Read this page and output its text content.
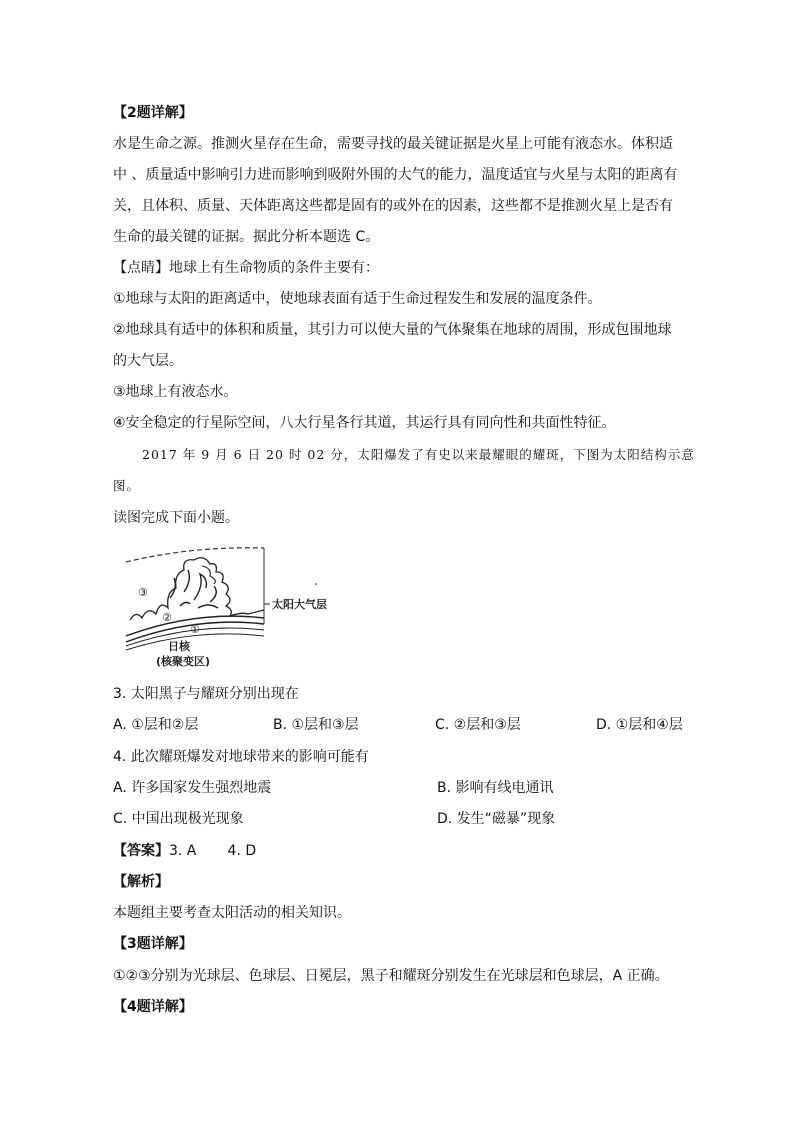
【2题详解】
水是生命之源。推测火星存在生命，需要寻找的最关键证据是火星上可能有液态水。体积适
中 、质量适中影响引力进而影响到吸附外围的大气的能力，温度适宜与火星与太阳的距离有
关，且体积、质量、天体距离这些都是固有的或外在的因素，这些都不是推测火星上是否有
生命的最关键的证据。据此分析本题选 C。
【点睛】地球上有生命物质的条件主要有：
①地球与太阳的距离适中，使地球表面有适于生命过程发生和发展的温度条件。
②地球具有适中的体积和质量，其引力可以使大量的气体聚集在地球的周围，形成包围地球
的大气层。
③地球上有液态水。
④安全稳定的行星际空间，八大行星各行其道，其运行具有同向性和共面性特征。
2017 年 9 月 6 日 20 时 02 分，太阳爆发了有史以来最耀眼的耀斑，下图为太阳结构示意
图。
读图完成下面小题。
③
②
①
太阳大气层
日核
(核聚变区)
3. 太阳黑子与耀斑分别出现在
A. ①层和②层	B. ①层和③层	C. ②层和③层	D. ①层和④层
4. 此次耀斑爆发对地球带来的影响可能有
A. 许多国家发生强烈地震	B. 影响有线电通讯
C. 中国出现极光现象	D. 发生“磁暴”现象
【答案】3. A       4. D
【解析】
本题组主要考查太阳活动的相关知识。
【3题详解】
①②③分别为光球层、色球层、日冕层，黑子和耀斑分别发生在光球层和色球层，A 正确。
【4题详解】
